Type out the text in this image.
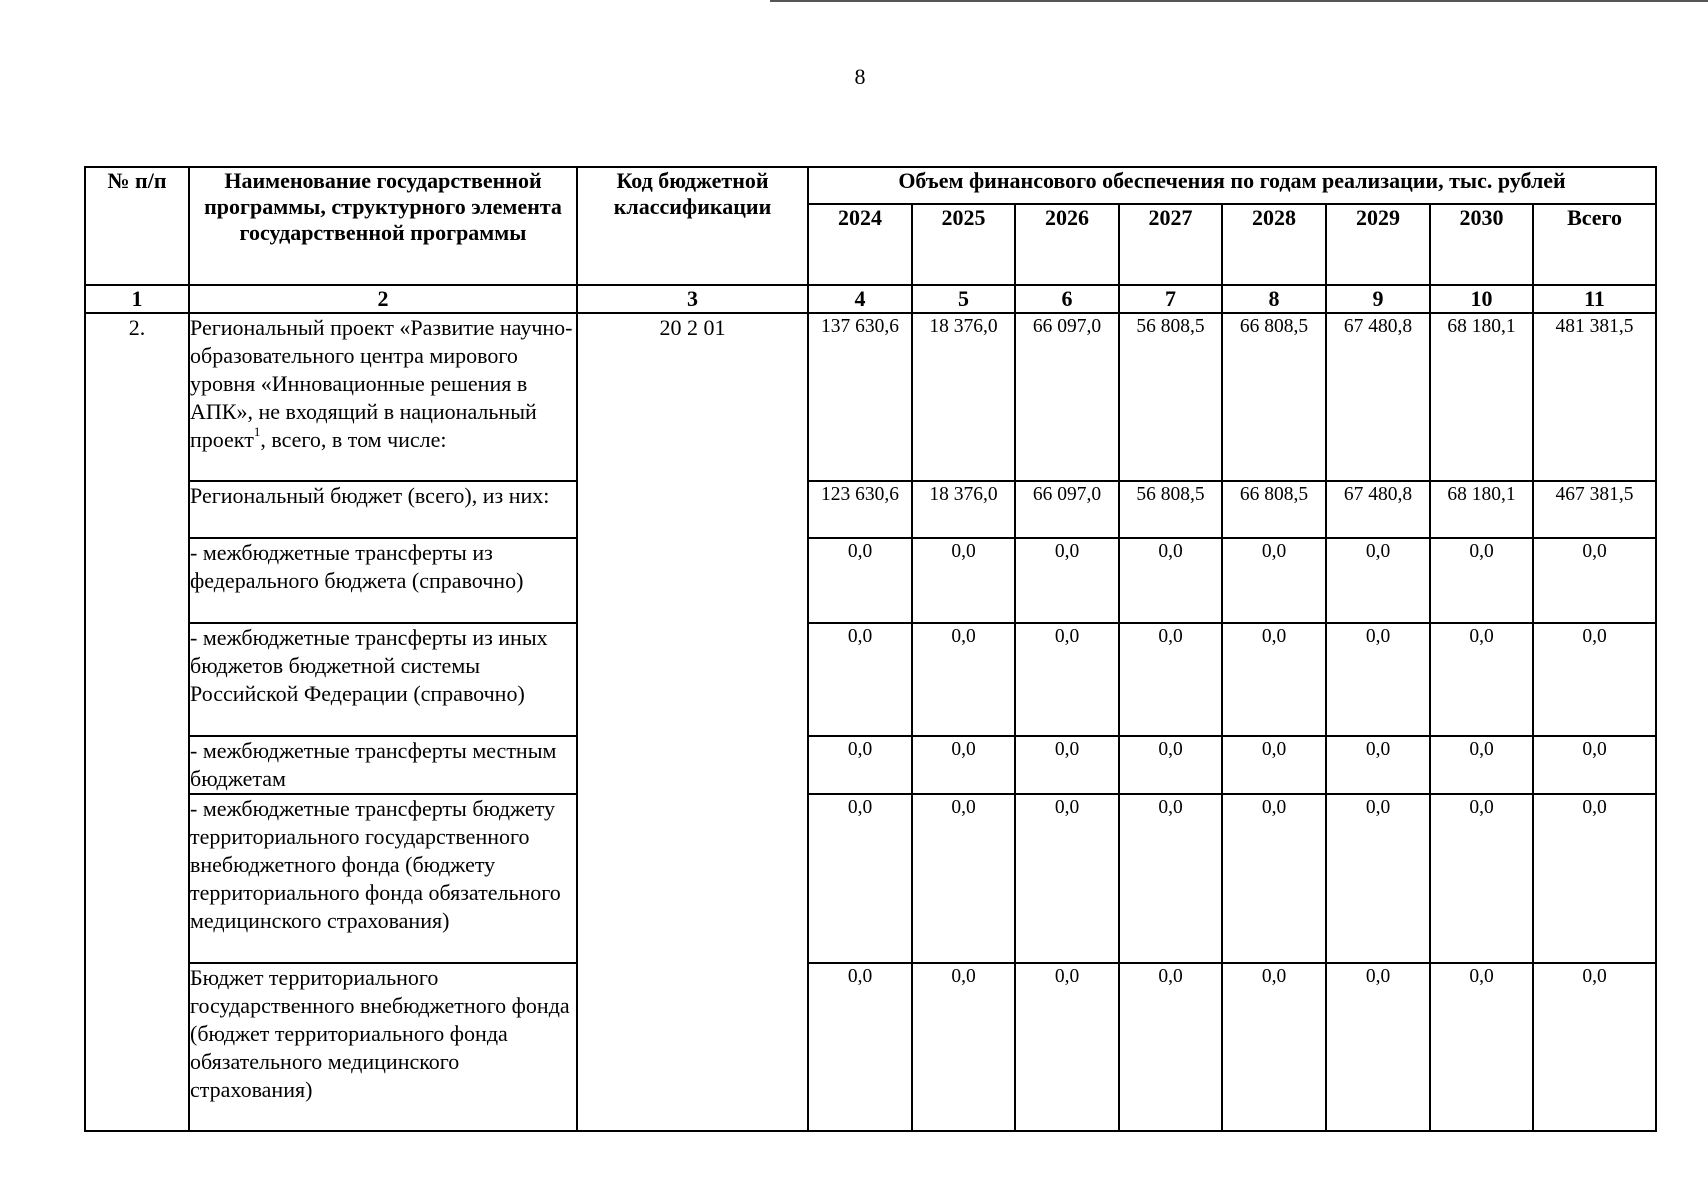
8
№ п/п	Наименование государственной программы, структурного элемента государственной программы	Код бюджетной классификации	Объем финансового обеспечения по годам реализации, тыс. рублей							
			2024	2025	2026	2027	2028	2029	2030	Всего
1	2	3	4	5	6	7	8	9	10	11
2.	Региональный проект «Развитие научно-образовательного центра мирового уровня «Инновационные решения в АПК», не входящий в национальный проект$^1$, всего, в том числе:	20 2 01	137 630,6	18 376,0	66 097,0	56 808,5	66 808,5	67 480,8	68 180,1	481 381,5
	Региональный бюджет (всего), из них:		123 630,6	18 376,0	66 097,0	56 808,5	66 808,5	67 480,8	68 180,1	467 381,5
	- межбюджетные трансферты из федерального бюджета (справочно)		0,0	0,0	0,0	0,0	0,0	0,0	0,0	0,0
	- межбюджетные трансферты из иных бюджетов бюджетной системы Российской Федерации (справочно)		0,0	0,0	0,0	0,0	0,0	0,0	0,0	0,0
	- межбюджетные трансферты местным бюджетам		0,0	0,0	0,0	0,0	0,0	0,0	0,0	0,0
	- межбюджетные трансферты бюджету территориального государственного внебюджетного фонда (бюджету территориального фонда обязательного медицинского страхования)		0,0	0,0	0,0	0,0	0,0	0,0	0,0	0,0
	Бюджет территориального государственного внебюджетного фонда (бюджет территориального фонда обязательного медицинского страхования)		0,0	0,0	0,0	0,0	0,0	0,0	0,0	0,0
